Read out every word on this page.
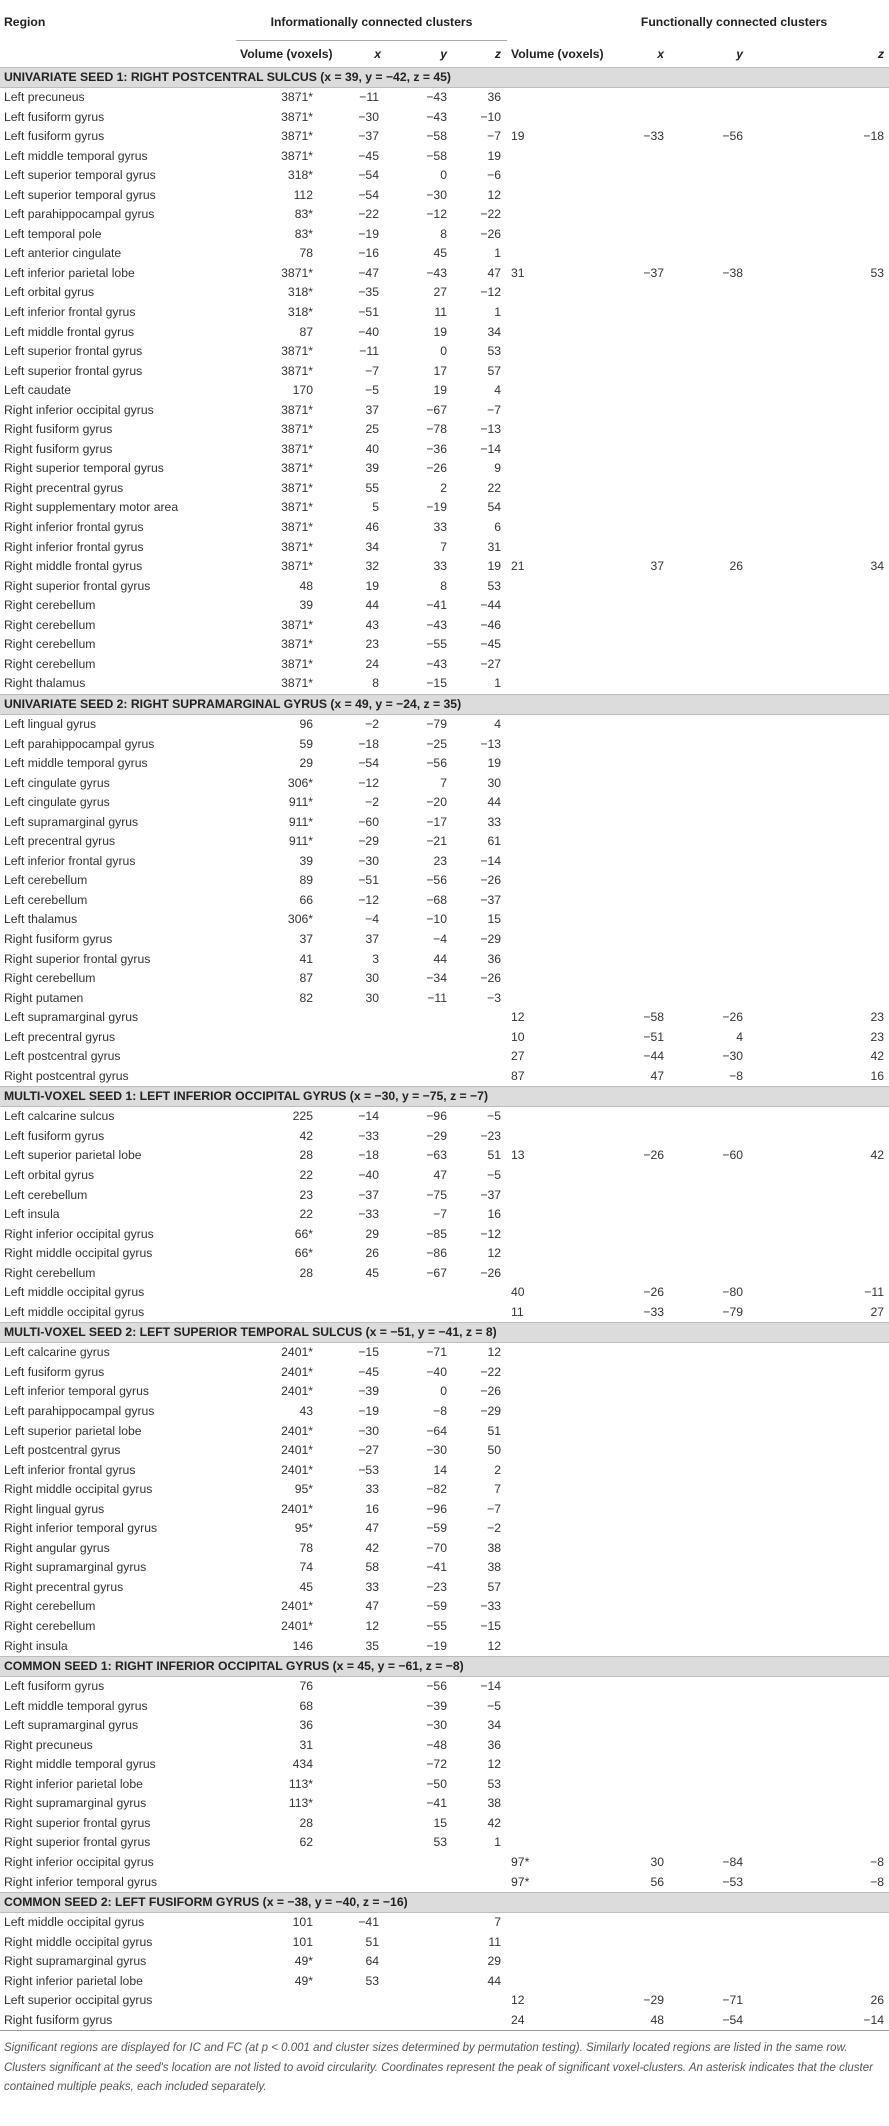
Region	Informationally connected clusters					Functionally connected clusters		
	Volume (voxels)	x	y	z	Volume (voxels)	x	y	z
UNIVARIATE SEED 1: RIGHT POSTCENTRAL SULCUS (x = 39, y = −42, z = 45)								
Left precuneus	3871*	−11	−43	36				
Left fusiform gyrus	3871*	−30	−43	−10				
Left fusiform gyrus	3871*	−37	−58	−7	19	−33	−56	−18
Left middle temporal gyrus	3871*	−45	−58	19				
Left superior temporal gyrus	318*	−54	0	−6				
Left superior temporal gyrus	112	−54	−30	12				
Left parahippocampal gyrus	83*	−22	−12	−22				
Left temporal pole	83*	−19	8	−26				
Left anterior cingulate	78	−16	45	1				
Left inferior parietal lobe	3871*	−47	−43	47	31	−37	−38	53
Left orbital gyrus	318*	−35	27	−12				
Left inferior frontal gyrus	318*	−51	11	1				
Left middle frontal gyrus	87	−40	19	34				
Left superior frontal gyrus	3871*	−11	0	53				
Left superior frontal gyrus	3871*	−7	17	57				
Left caudate	170	−5	19	4				
Right inferior occipital gyrus	3871*	37	−67	−7				
Right fusiform gyrus	3871*	25	−78	−13				
Right fusiform gyrus	3871*	40	−36	−14				
Right superior temporal gyrus	3871*	39	−26	9				
Right precentral gyrus	3871*	55	2	22				
Right supplementary motor area	3871*	5	−19	54				
Right inferior frontal gyrus	3871*	46	33	6				
Right inferior frontal gyrus	3871*	34	7	31				
Right middle frontal gyrus	3871*	32	33	19	21	37	26	34
Right superior frontal gyrus	48	19	8	53				
Right cerebellum	39	44	−41	−44				
Right cerebellum	3871*	43	−43	−46				
Right cerebellum	3871*	23	−55	−45				
Right cerebellum	3871*	24	−43	−27				
Right thalamus	3871*	8	−15	1				
UNIVARIATE SEED 2: RIGHT SUPRAMARGINAL GYRUS (x = 49, y = −24, z = 35)								
Left lingual gyrus	96	−2	−79	4				
Left parahippocampal gyrus	59	−18	−25	−13				
Left middle temporal gyrus	29	−54	−56	19				
Left cingulate gyrus	306*	−12	7	30				
Left cingulate gyrus	911*	−2	−20	44				
Left supramarginal gyrus	911*	−60	−17	33				
Left precentral gyrus	911*	−29	−21	61				
Left inferior frontal gyrus	39	−30	23	−14				
Left cerebellum	89	−51	−56	−26				
Left cerebellum	66	−12	−68	−37				
Left thalamus	306*	−4	−10	15				
Right fusiform gyrus	37	37	−4	−29				
Right superior frontal gyrus	41	3	44	36				
Right cerebellum	87	30	−34	−26				
Right putamen	82	30	−11	−3				
Left supramarginal gyrus					12	−58	−26	23
Left precentral gyrus					10	−51	4	23
Left postcentral gyrus					27	−44	−30	42
Right postcentral gyrus					87	47	−8	16
MULTI-VOXEL SEED 1: LEFT INFERIOR OCCIPITAL GYRUS (x = −30, y = −75, z = −7)								
Left calcarine sulcus	225	−14	−96	−5				
Left fusiform gyrus	42	−33	−29	−23				
Left superior parietal lobe	28	−18	−63	51	13	−26	−60	42
Left orbital gyrus	22	−40	47	−5				
Left cerebellum	23	−37	−75	−37				
Left insula	22	−33	−7	16				
Right inferior occipital gyrus	66*	29	−85	−12				
Right middle occipital gyrus	66*	26	−86	12				
Right cerebellum	28	45	−67	−26				
Left middle occipital gyrus					40	−26	−80	−11
Left middle occipital gyrus					11	−33	−79	27
MULTI-VOXEL SEED 2: LEFT SUPERIOR TEMPORAL SULCUS (x = −51, y = −41, z = 8)								
Left calcarine gyrus	2401*	−15	−71	12				
Left fusiform gyrus	2401*	−45	−40	−22				
Left inferior temporal gyrus	2401*	−39	0	−26				
Left parahippocampal gyrus	43	−19	−8	−29				
Left superior parietal lobe	2401*	−30	−64	51				
Left postcentral gyrus	2401*	−27	−30	50				
Left inferior frontal gyrus	2401*	−53	14	2				
Right middle occipital gyrus	95*	33	−82	7				
Right lingual gyrus	2401*	16	−96	−7				
Right inferior temporal gyrus	95*	47	−59	−2				
Right angular gyrus	78	42	−70	38				
Right supramarginal gyrus	74	58	−41	38				
Right precentral gyrus	45	33	−23	57				
Right cerebellum	2401*	47	−59	−33				
Right cerebellum	2401*	12	−55	−15				
Right insula	146	35	−19	12				
COMMON SEED 1: RIGHT INFERIOR OCCIPITAL GYRUS (x = 45, y = −61, z = −8)								
Left fusiform gyrus	76		−56	−14				
Left middle temporal gyrus	68		−39	−5				
Left supramarginal gyrus	36		−30	34				
Right precuneus	31		−48	36				
Right middle temporal gyrus	434		−72	12				
Right inferior parietal lobe	113*		−50	53				
Right supramarginal gyrus	113*		−41	38				
Right superior frontal gyrus	28		15	42				
Right superior frontal gyrus	62		53	1				
Right inferior occipital gyrus					97*	30	−84	−8
Right inferior temporal gyrus					97*	56	−53	−8
COMMON SEED 2: LEFT FUSIFORM GYRUS (x = −38, y = −40, z = −16)								
Left middle occipital gyrus	101	−41		7				
Right middle occipital gyrus	101	51		11				
Right supramarginal gyrus	49*	64		29				
Right inferior parietal lobe	49*	53		44				
Left superior occipital gyrus					12	−29	−71	26
Right fusiform gyrus					24	48	−54	−14
Significant regions are displayed for IC and FC (at p < 0.001 and cluster sizes determined by permutation testing). Similarly located regions are listed in the same row. Clusters significant at the seed's location are not listed to avoid circularity. Coordinates represent the peak of significant voxel-clusters. An asterisk indicates that the cluster contained multiple peaks, each included separately.
